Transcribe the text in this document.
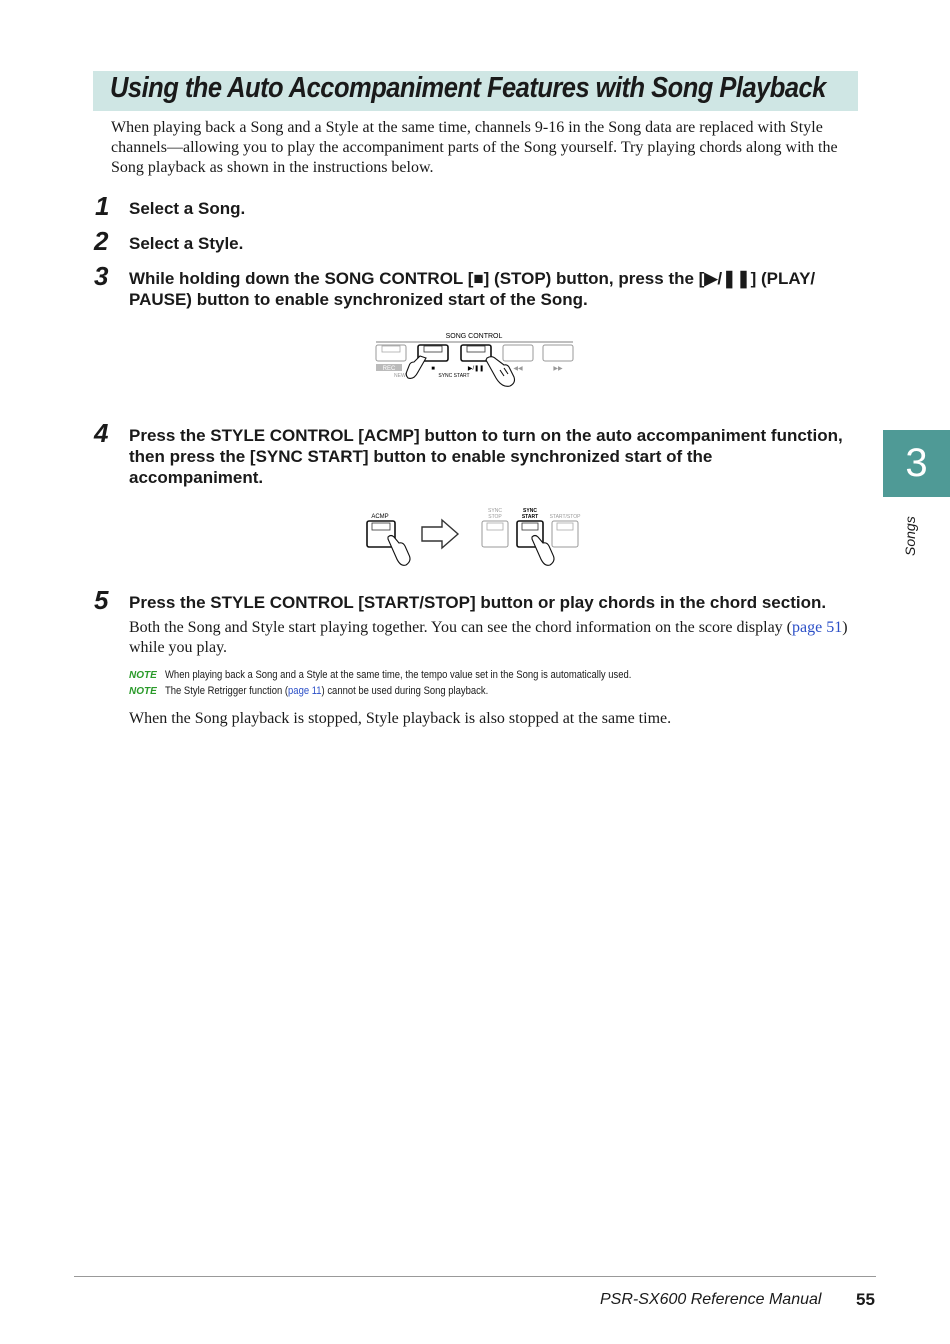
Using the Auto Accompaniment Features with Song Playback
When playing back a Song and a Style at the same time, channels 9-16 in the Song data are replaced with Style channels—allowing you to play the accompaniment parts of the Song yourself. Try playing chords along with the Song playback as shown in the instructions below.
1 Select a Song.
2 Select a Style.
3 While holding down the SONG CONTROL [■] (STOP) button, press the [▶/❚❚] (PLAY/ PAUSE) button to enable synchronized start of the Song.
SONG CONTROL
REC
NEW
■	▶/❚❚
SYNC START
◀◀	▶▶
4 Press the STYLE CONTROL [ACMP] button to turn on the auto accompaniment function, then press the [SYNC START] button to enable synchronized start of the accompaniment.
ACMP
SYNC
STOP
SYNC
START START/STOP
5 Press the STYLE CONTROL [START/STOP] button or play chords in the chord section.
Both the Song and Style start playing together. You can see the chord information on the score display (page 51) while you play.
NOTE When playing back a Song and a Style at the same time, the tempo value set in the Song is automatically used.
NOTE The Style Retrigger function (page 11) cannot be used during Song playback.
When the Song playback is stopped, Style playback is also stopped at the same time.
3
Songs
PSR-SX600 Reference Manual 55
